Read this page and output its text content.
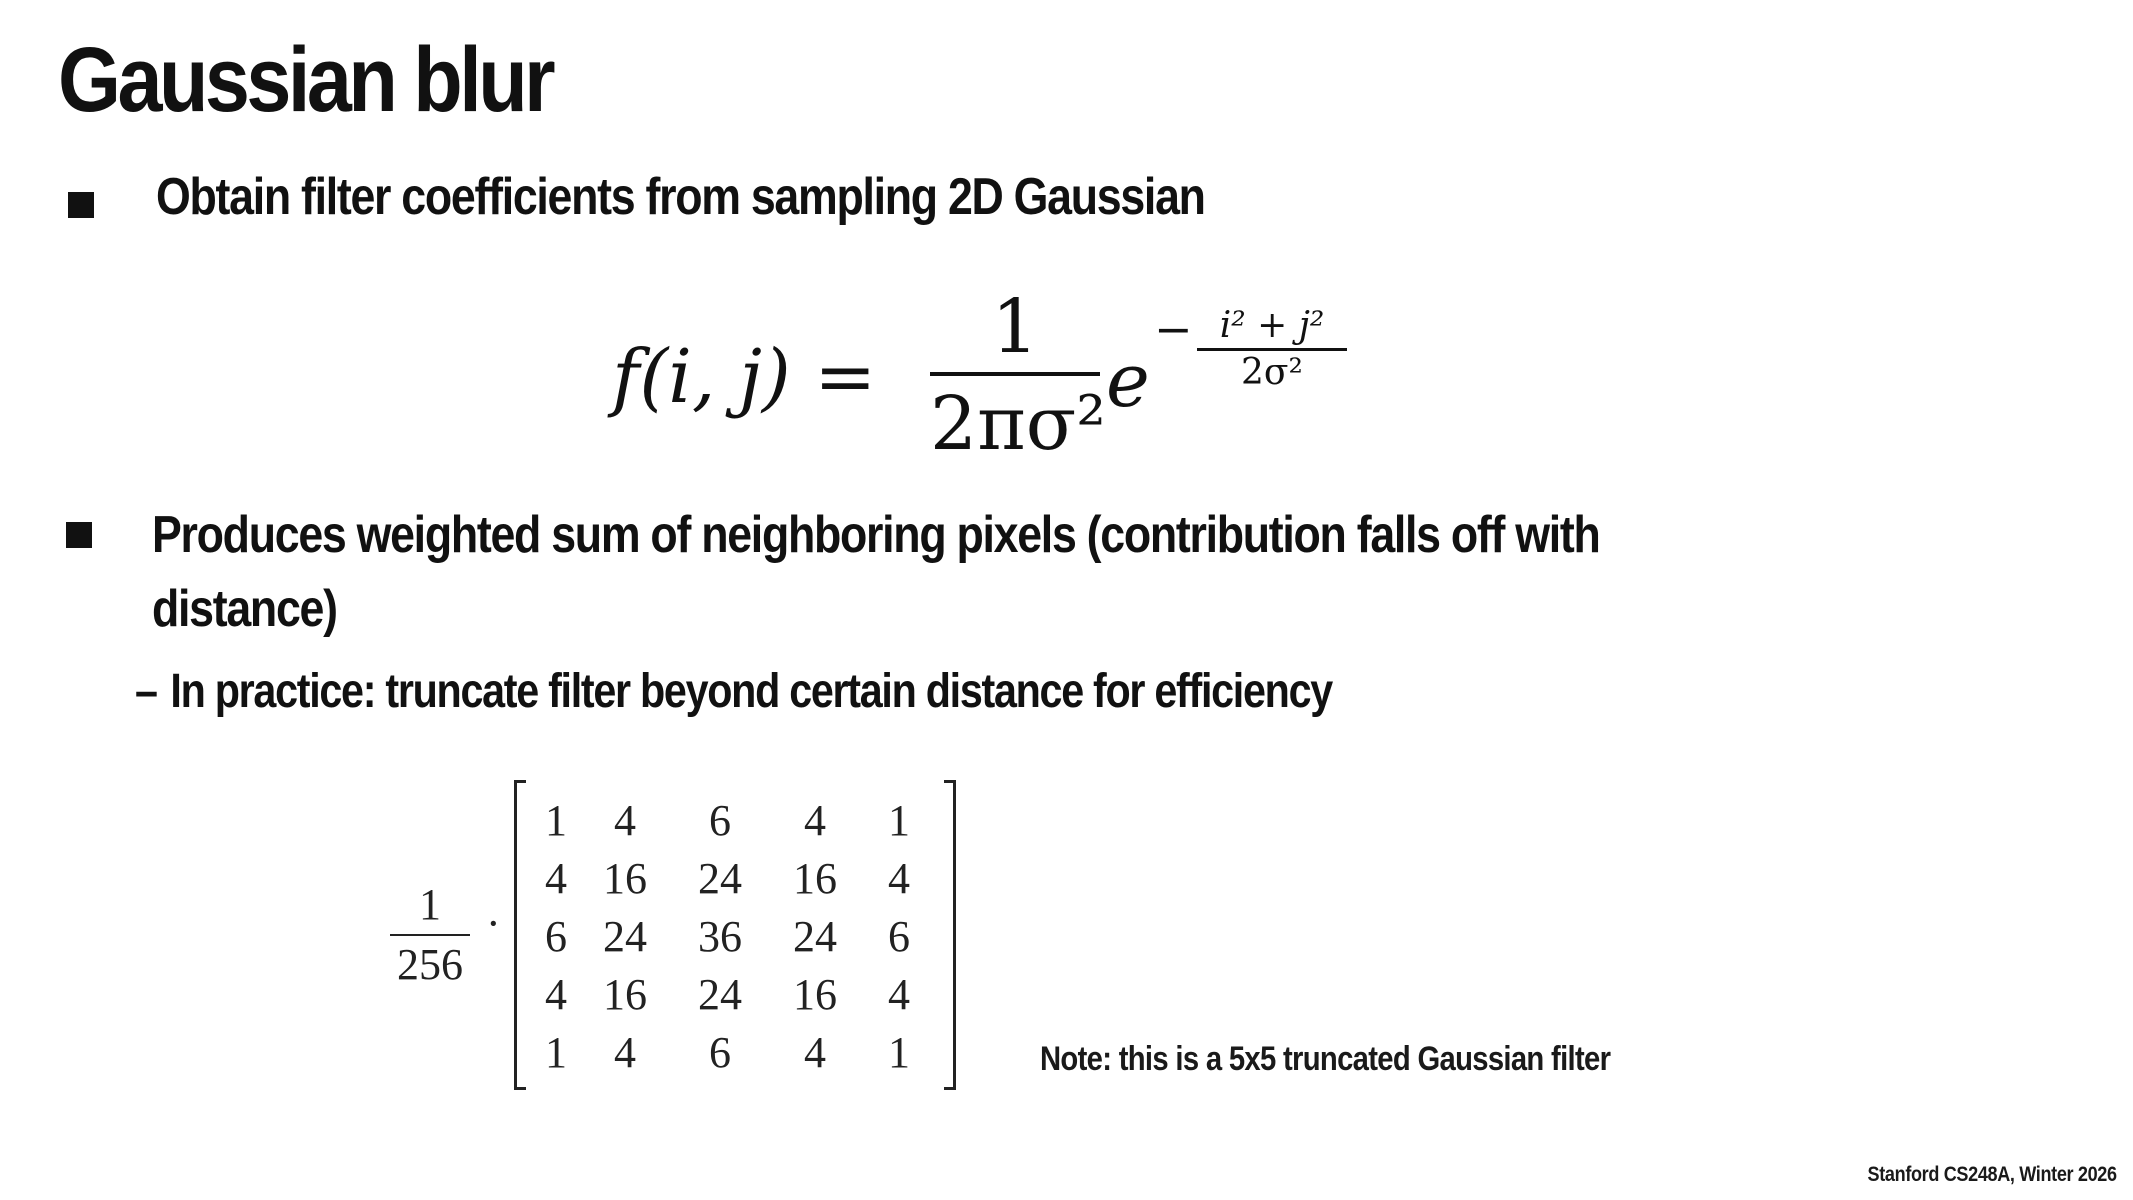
Gaussian blur
Obtain filter coefficients from sampling 2D Gaussian
f(i, j) =
1
2πσ² e
− i² + j²
2σ²
Produces weighted sum of neighboring pixels (contribution falls off with
distance)
– In practice: truncate filter beyond certain distance for efficiency
1
256
·
1	4	6	4	1
4 16	24	16	4
6 24	36	24	6
4 16	24	16	4
1	4	6	4	1	Note: this is a 5x5 truncated Gaussian filter
Stanford CS248A, Winter 2026
